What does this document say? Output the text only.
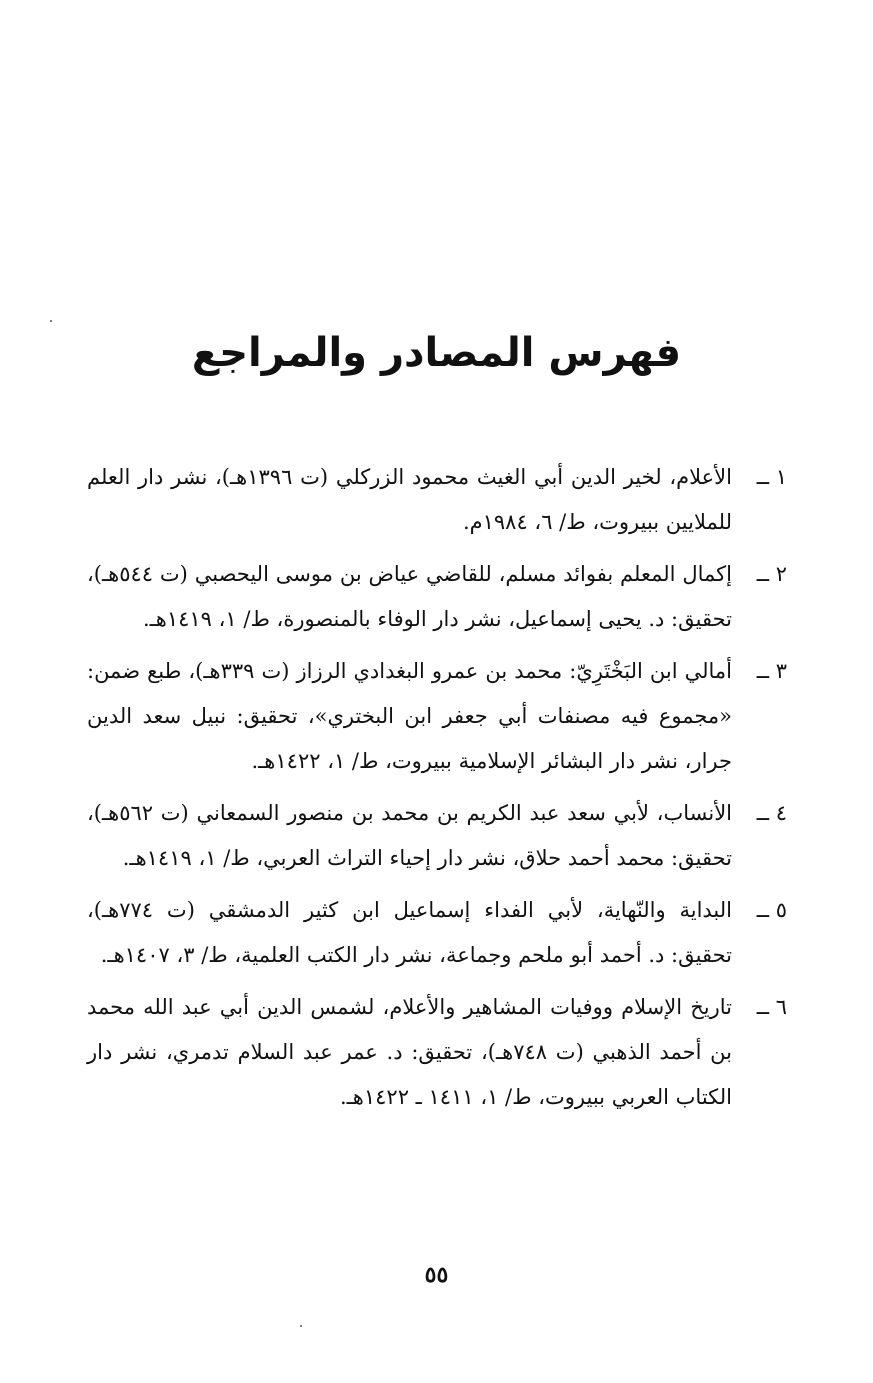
فهرس المصادر والمراجع
١ ــ
الأعلام، لخير الدين أبي الغيث محمود الزركلي (ت ١٣٩٦هـ)، نشر دار العلم للملايين ببيروت، ط/ ٦، ١٩٨٤م.
٢ ــ
إكمال المعلم بفوائد مسلم، للقاضي عياض بن موسى اليحصبي (ت ٥٤٤هـ)، تحقيق: د. يحيى إسماعيل، نشر دار الوفاء بالمنصورة، ط/ ١، ١٤١٩هـ.
٣ ــ
أمالي ابن البَخْتَرِيّ: محمد بن عمرو البغدادي الرزاز (ت ٣٣٩هـ)، طبع ضمن: «مجموع فيه مصنفات أبي جعفر ابن البختري»، تحقيق: نبيل سعد الدين جرار، نشر دار البشائر الإسلامية ببيروت، ط/ ١، ١٤٢٢هـ.
٤ ــ
الأنساب، لأبي سعد عبد الكريم بن محمد بن منصور السمعاني (ت ٥٦٢هـ)، تحقيق: محمد أحمد حلاق، نشر دار إحياء التراث العربي، ط/ ١، ١٤١٩هـ.
٥ ــ
البداية والنّهاية، لأبي الفداء إسماعيل ابن كثير الدمشقي (ت ٧٧٤هـ)، تحقيق: د. أحمد أبو ملحم وجماعة، نشر دار الكتب العلمية، ط/ ٣، ١٤٠٧هـ.
٦ ــ
تاريخ الإسلام ووفيات المشاهير والأعلام، لشمس الدين أبي عبد الله محمد بن أحمد الذهبي (ت ٧٤٨هـ)، تحقيق: د. عمر عبد السلام تدمري، نشر دار الكتاب العربي ببيروت، ط/ ١، ١٤١١ ـ ١٤٢٢هـ.
٥٥
